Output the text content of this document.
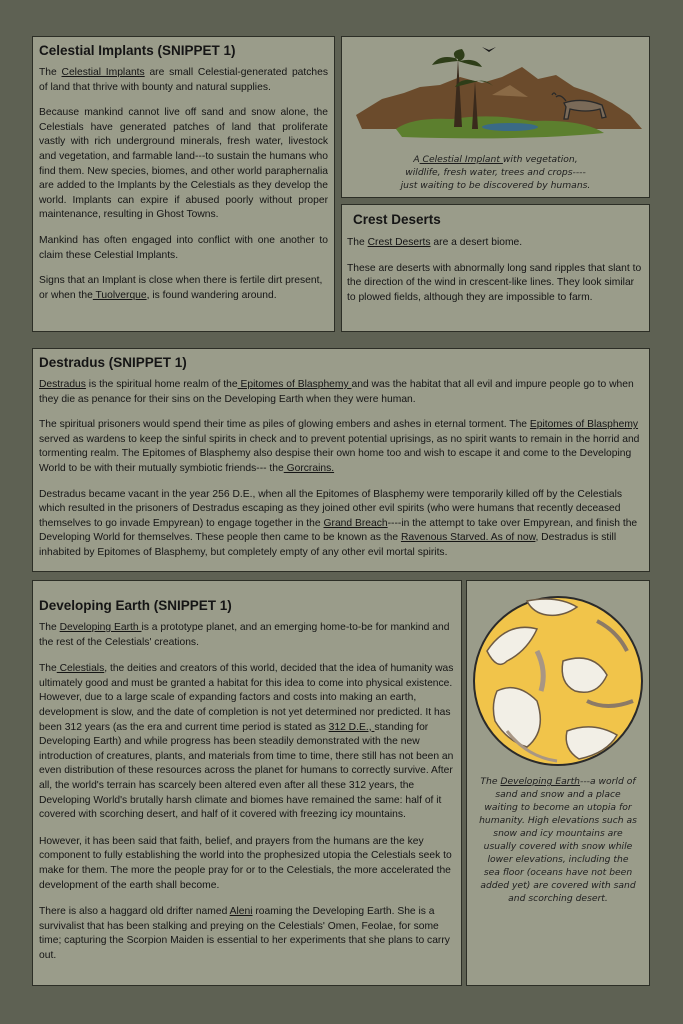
Celestial Implants (SNIPPET 1)

The Celestial Implants are small Celestial-generated patches of land that thrive with bounty and natural supplies.

Because mankind cannot live off sand and snow alone, the Celestials have generated patches of land that proliferate vastly with rich underground minerals, fresh water, livestock and vegetation, and farmable land---to sustain the humans who find them. New species, biomes, and other world paraphernalia are added to the Implants by the Celestials as they develop the world. Implants can expire if abused poorly without proper maintenance, resulting in Ghost Towns.

Mankind has often engaged into conflict with one another to claim these Celestial Implants.

Signs that an Implant is close when there is fertile dirt present, or when the Tuolverque, is found wandering around.

A Celestial Implant with vegetation, wildlife, fresh water, trees and crops---- just waiting to be discovered by humans.

Crest Deserts

The Crest Deserts are a desert biome.

These are deserts with abnormally long sand ripples that slant to the direction of the wind in crescent-like lines. They look similar to plowed fields, although they are impossible to farm.

Destradus (SNIPPET 1)

Destradus is the spiritual home realm of the Epitomes of Blasphemy and was the habitat that all evil and impure people go to when they die as penance for their sins on the Developing Earth when they were human.

The spiritual prisoners would spend their time as piles of glowing embers and ashes in eternal torment. The Epitomes of Blasphemy served as wardens to keep the sinful spirits in check and to prevent potential uprisings, as no spirit wants to remain in the horrid and tormenting realm. The Epitomes of Blasphemy also despise their own home too and wish to escape it and come to the Developing World to be with their mutually symbiotic friends--- the Gorcrains.

Destradus became vacant in the year 256 D.E., when all the Epitomes of Blasphemy were temporarily killed off by the Celestials which resulted in the prisoners of Destradus escaping as they joined other evil spirits (who were humans that recently deceased themselves to go invade Empyrean) to engage together in the Grand Breach----in the attempt to take over Empyrean, and finish the Developing World for themselves. These people then came to be known as the Ravenous Starved. As of now, Destradus is still inhabited by Epitomes of Blasphemy, but completely empty of any other evil mortal spirits.

Developing Earth (SNIPPET 1)

The Developing Earth is a prototype planet, and an emerging home-to-be for mankind and the rest of the Celestials' creations.

The Celestials, the deities and creators of this world, decided that the idea of humanity was ultimately good and must be granted a habitat for this idea to come into physical existence. However, due to a large scale of expanding factors and costs into making an earth, development is slow, and the date of completion is not yet determined nor predicted. It has been 312 years (as the era and current time period is stated as 312 D.E., standing for Developing Earth) and while progress has been steadily demonstrated with the new introduction of creatures, plants, and materials from time to time, there still has not been an even distribution of these resources across the planet for humans to correctly survive. After all, the world's terrain has scarcely been altered even after all these 312 years, the Developing World's brutally harsh climate and biomes have remained the same: half of it covered with scorching desert, and half of it covered with freezing icy mountains.

However, it has been said that faith, belief, and prayers from the humans are the key component to fully establishing the world into the prophesized utopia the Celestials seek to make for them. The more the people pray for or to the Celestials, the more accelerated the development of the earth shall become.

There is also a haggard old drifter named Aleni roaming the Developing Earth. She is a survivalist that has been stalking and preying on the Celestials' Omen, Feolae, for some time; capturing the Scorpion Maiden is essential to her experiments that she plans to carry out.

The Developing Earth---a world of sand and snow and a place waiting to become an utopia for humanity. High elevations such as snow and icy mountains are usually covered with snow while lower elevations, including the sea floor (oceans have not been added yet) are covered with sand and scorching desert.
